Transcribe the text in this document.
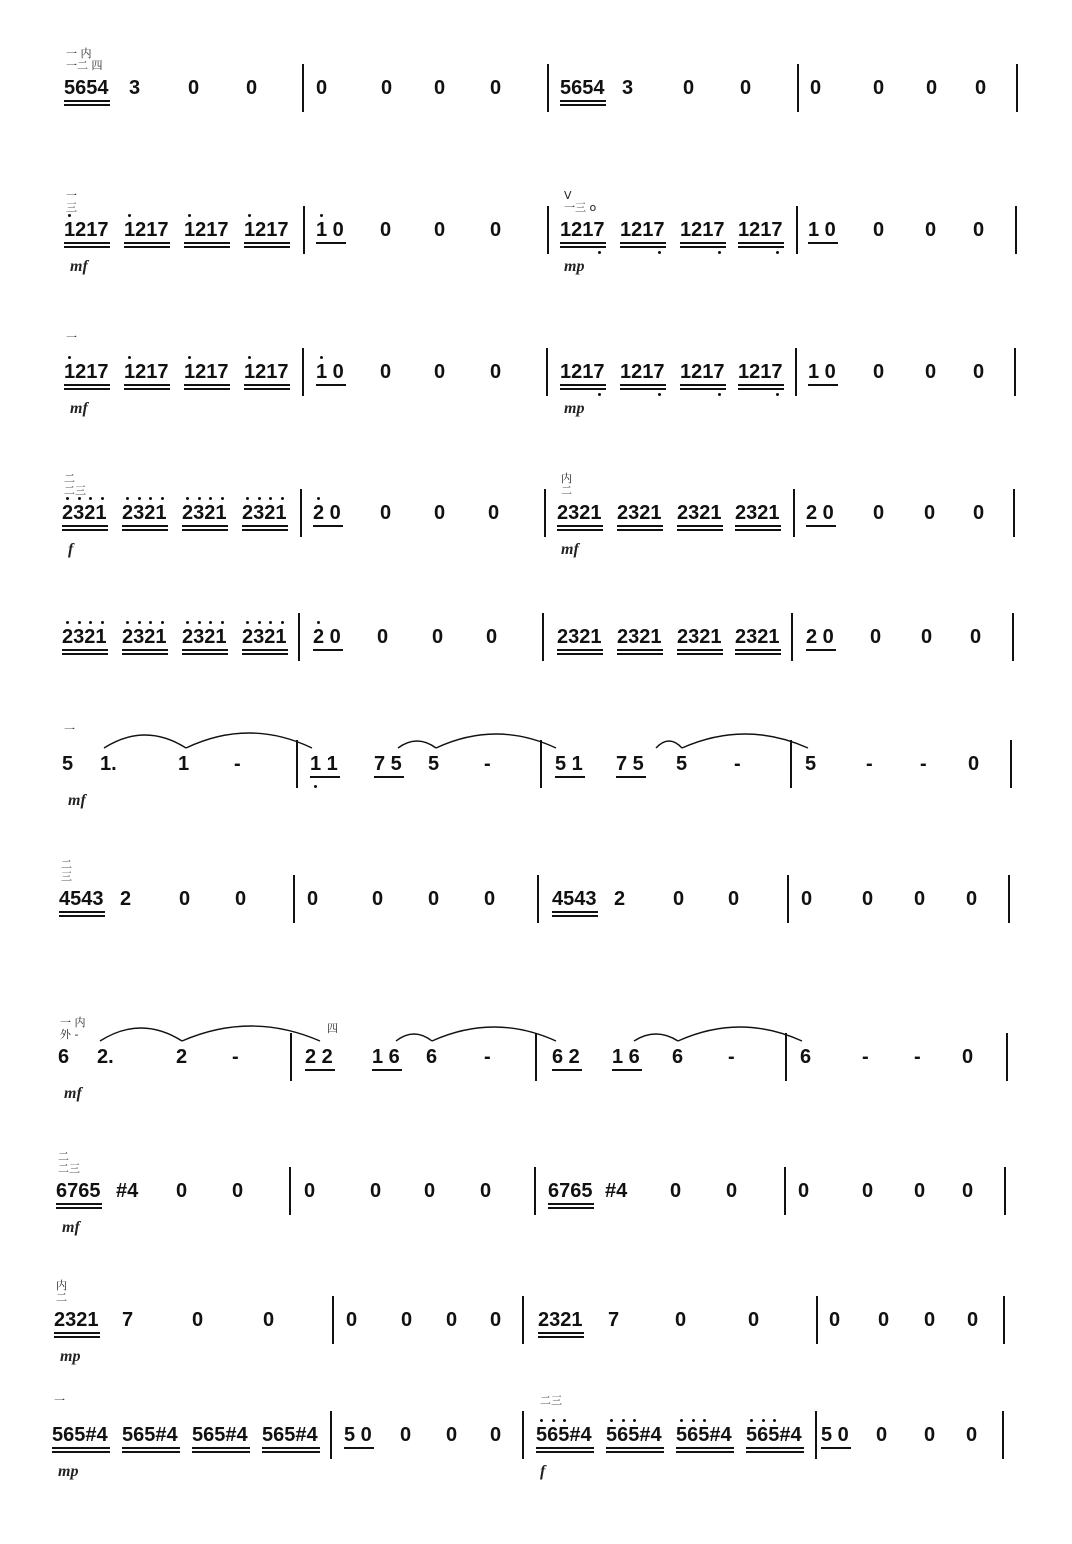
一 内
一二 四
5654 3 0 0	0	0 0 0	5654 3 0 0	0	0 0 0
一
三
V
一三 o
1217 1217 1217 1217 1 0 0 0 0	1217 1217 1217 1217 1 0 0 0 0
mf	mp
一
1217 1217 1217 1217 1 0 0 0 0	1217 1217 1217 1217 1 0 0 0 0
mf	mp
二
二三
内
二
2321 2321 2321 2321 2 0 0 0 0	2321 2321 2321 2321 2 0 0 0 0
f	mf
2321 2321 2321 2321 2 0 0 0 0	2321 2321 2321 2321 2 0 0 0 0
一
5 1.	1 -	1 1 7 5 5 -	5 1 7 5 5 -	5 - - 0
mf
二
三
4543 2 0 0	0	0 0 0	4543 2 0 0	0 0 0 0
一 内
外 -	四
6 2.	2 -	2 2 1 6 6 -	6 2 1 6 6 -	6	- - 0
mf
二
二三
6765 #4 0 0	0	0 0 0	6765 #4 0 0	0	0 0 0
mf
内
二
2321 7	0	0	0 0 0 0 2321 7	0	0	0 0 0 0
mp
一	二三
565#4 565#4 565#4 565#4 5 0 0 0 0 565#4 565#4 565#4 565#4 5 0 0 0 0
mp	f
